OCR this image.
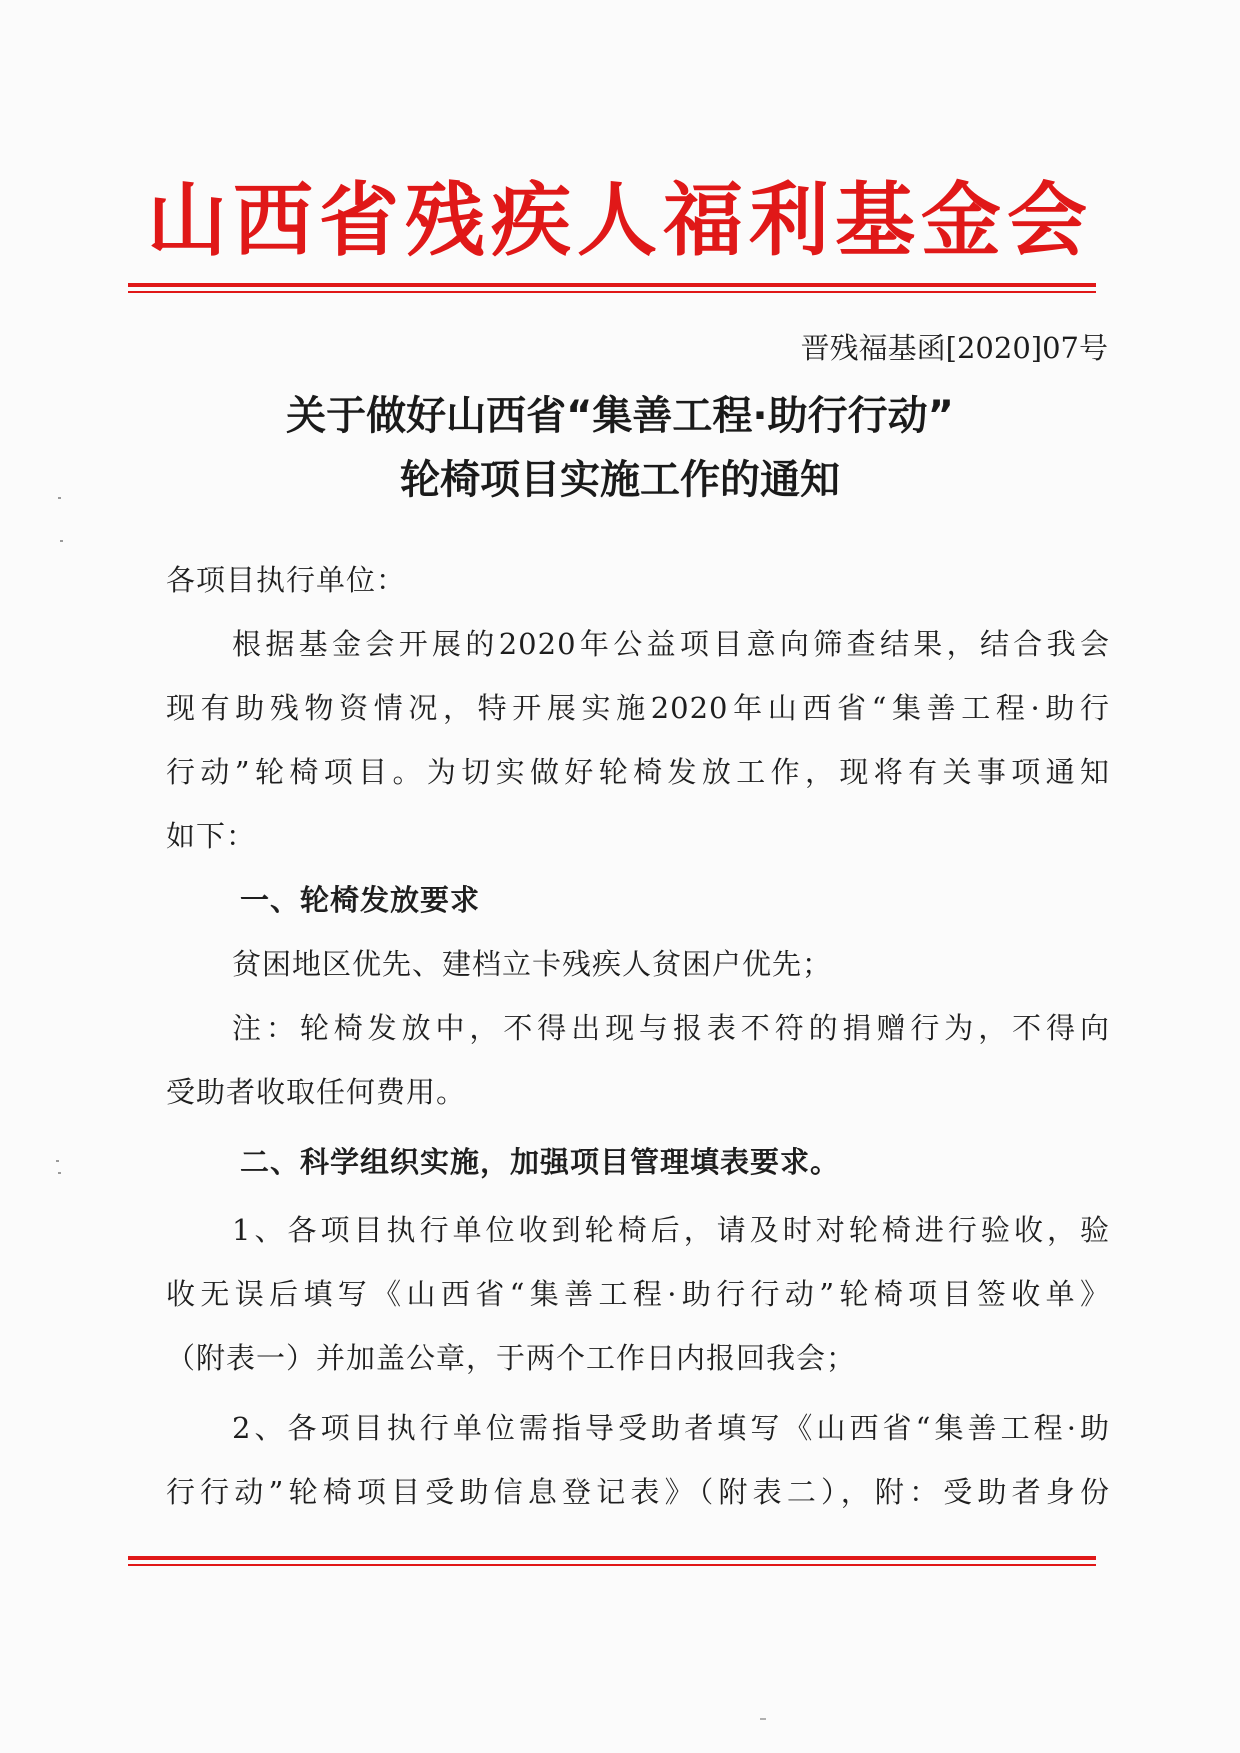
山西省残疾人福利基金会
晋残福基函[2020]07号
关于做好山西省“集善工程·助行行动”
轮椅项目实施工作的通知
各项目执行单位：
根据基金会开展的2020年公益项目意向筛查结果，结合我会
现有助残物资情况，特开展实施2020年山西省“集善工程·助行
行动”轮椅项目。为切实做好轮椅发放工作，现将有关事项通知
如下：
一、轮椅发放要求
贫困地区优先、建档立卡残疾人贫困户优先；
注：轮椅发放中，不得出现与报表不符的捐赠行为，不得向
受助者收取任何费用。
二、科学组织实施，加强项目管理填表要求。
1、各项目执行单位收到轮椅后，请及时对轮椅进行验收，验
收无误后填写《山西省“集善工程·助行行动”轮椅项目签收单》
（附表一）并加盖公章，于两个工作日内报回我会；
2、各项目执行单位需指导受助者填写《山西省“集善工程·助
行行动”轮椅项目受助信息登记表》（附表二），附：受助者身份
